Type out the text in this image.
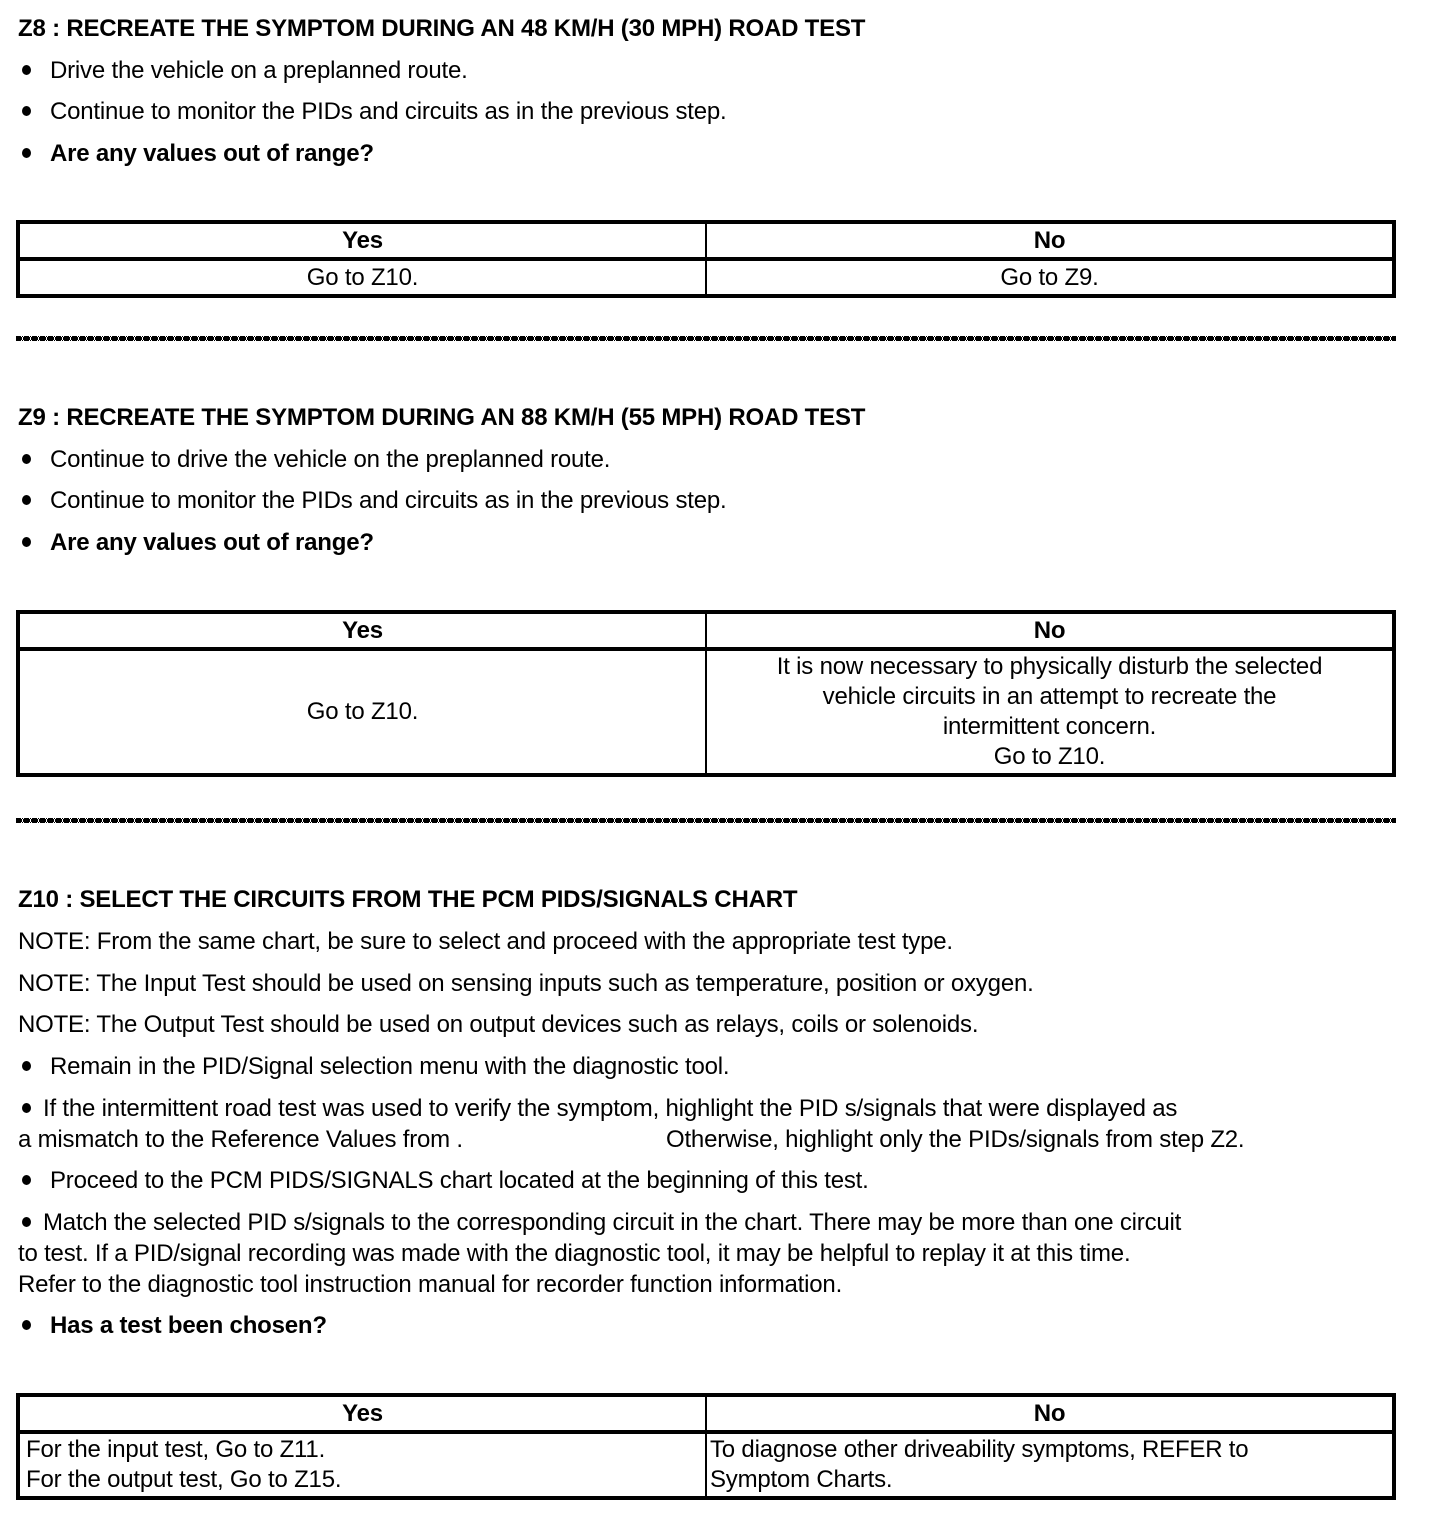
Z8 : RECREATE THE SYMPTOM DURING AN 48 KM/H (30 MPH) ROAD TEST
Drive the vehicle on a preplanned route.
Continue to monitor the PIDs and circuits as in the previous step.
Are any values out of range?
Yes	No
Go to Z10.	Go to Z9.
Z9 : RECREATE THE SYMPTOM DURING AN 88 KM/H (55 MPH) ROAD TEST
Continue to drive the vehicle on the preplanned route.
Continue to monitor the PIDs and circuits as in the previous step.
Are any values out of range?
Yes	No
Go to Z10.	It is now necessary to physically disturb the selected
vehicle circuits in an attempt to recreate the
intermittent concern.
Go to Z10.
Z10 : SELECT THE CIRCUITS FROM THE PCM PIDS/SIGNALS CHART
NOTE: From the same chart, be sure to select and proceed with the appropriate test type.
NOTE: The Input Test should be used on sensing inputs such as temperature, position or oxygen.
NOTE: The Output Test should be used on output devices such as relays, coils or solenoids.
Remain in the PID/Signal selection menu with the diagnostic tool.
If the intermittent road test was used to verify the symptom, highlight the PID s/signals that were displayed as
a mismatch to the Reference Values from .	Otherwise, highlight only the PIDs/signals from step Z2.
Proceed to the PCM PIDS/SIGNALS chart located at the beginning of this test.
Match the selected PID s/signals to the corresponding circuit in the chart. There may be more than one circuit
to test. If a PID/signal recording was made with the diagnostic tool, it may be helpful to replay it at this time.
Refer to the diagnostic tool instruction manual for recorder function information.
Has a test been chosen?
Yes	No

For the input test, Go to Z11.
For the output test, Go to Z15.

To diagnose other driveability symptoms, REFER to
Symptom Charts.
